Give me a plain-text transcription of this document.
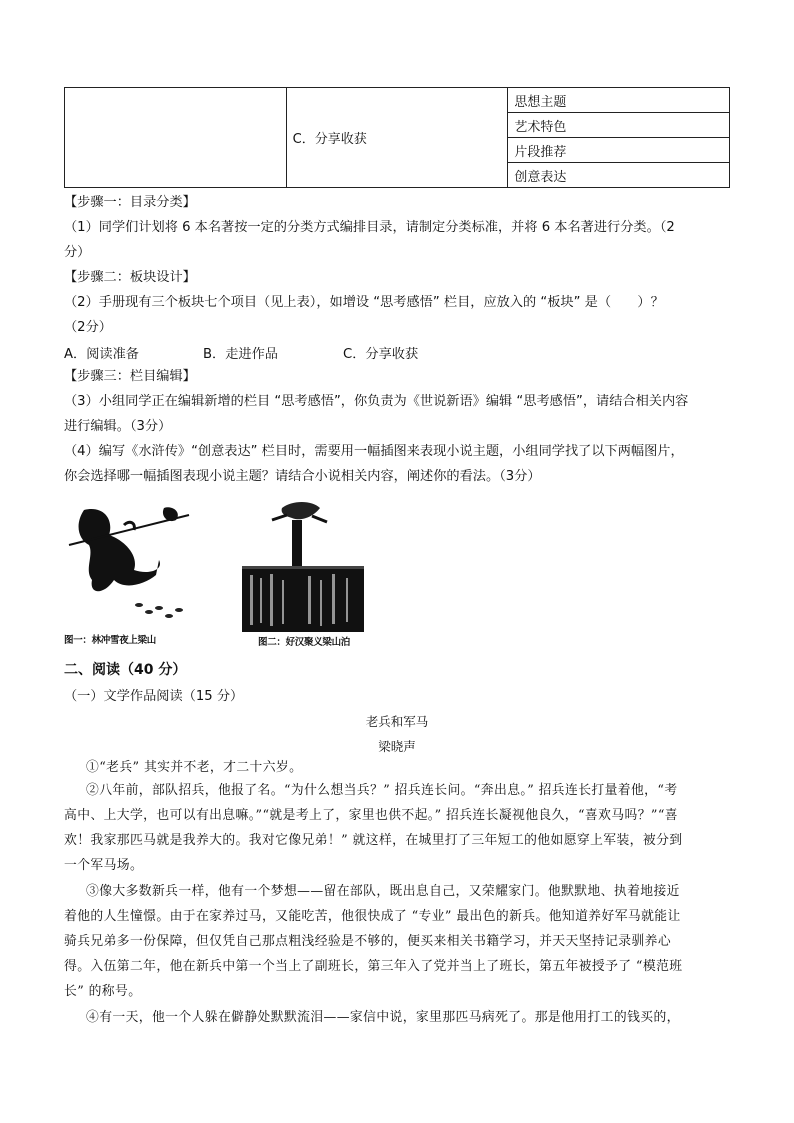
	C．分享收获	思想主题
艺术特色
片段推荐
创意表达
【步骤一：目录分类】
（1）同学们计划将 6 本名著按一定的分类方式编排目录，请制定分类标准，并将 6 本名著进行分类。（2
分）
【步骤二：板块设计】
（2）手册现有三个板块七个项目（见上表），如增设 “思考感悟” 栏目，应放入的 “板块” 是（　　）？
（2分）
A．阅读准备	B．走进作品	C．分享收获
【步骤三：栏目编辑】
（3）小组同学正在编辑新增的栏目 “思考感悟”，你负责为《世说新语》编辑 “思考感悟”，请结合相关内容
进行编辑。（3分）
（4）编写《水浒传》“创意表达” 栏目时，需要用一幅插图来表现小说主题，小组同学找了以下两幅图片，
你会选择哪一幅插图表现小说主题？请结合小说相关内容，阐述你的看法。（3分）
图一：林冲雪夜上梁山	图二：好汉聚义梁山泊
二、阅读（40 分）
（一）文学作品阅读（15 分）
老兵和军马
梁晓声
①“老兵” 其实并不老，才二十六岁。
②八年前，部队招兵，他报了名。“为什么想当兵？” 招兵连长问。“奔出息。” 招兵连长打量着他，“考
高中、上大学，也可以有出息嘛。”“就是考上了，家里也供不起。” 招兵连长凝视他良久，“喜欢马吗？”“喜
欢！我家那匹马就是我养大的。我对它像兄弟！” 就这样，在城里打了三年短工的他如愿穿上军装，被分到
一个军马场。
③像大多数新兵一样，他有一个梦想——留在部队，既出息自己，又荣耀家门。他默默地、执着地接近
着他的人生憧憬。由于在家养过马，又能吃苦，他很快成了 “专业” 最出色的新兵。他知道养好军马就能让
骑兵兄弟多一份保障，但仅凭自己那点粗浅经验是不够的，便买来相关书籍学习，并天天坚持记录驯养心
得。入伍第二年，他在新兵中第一个当上了副班长，第三年入了党并当上了班长，第五年被授予了 “模范班
长” 的称号。
④有一天，他一个人躲在僻静处默默流泪——家信中说，家里那匹马病死了。那是他用打工的钱买的，
